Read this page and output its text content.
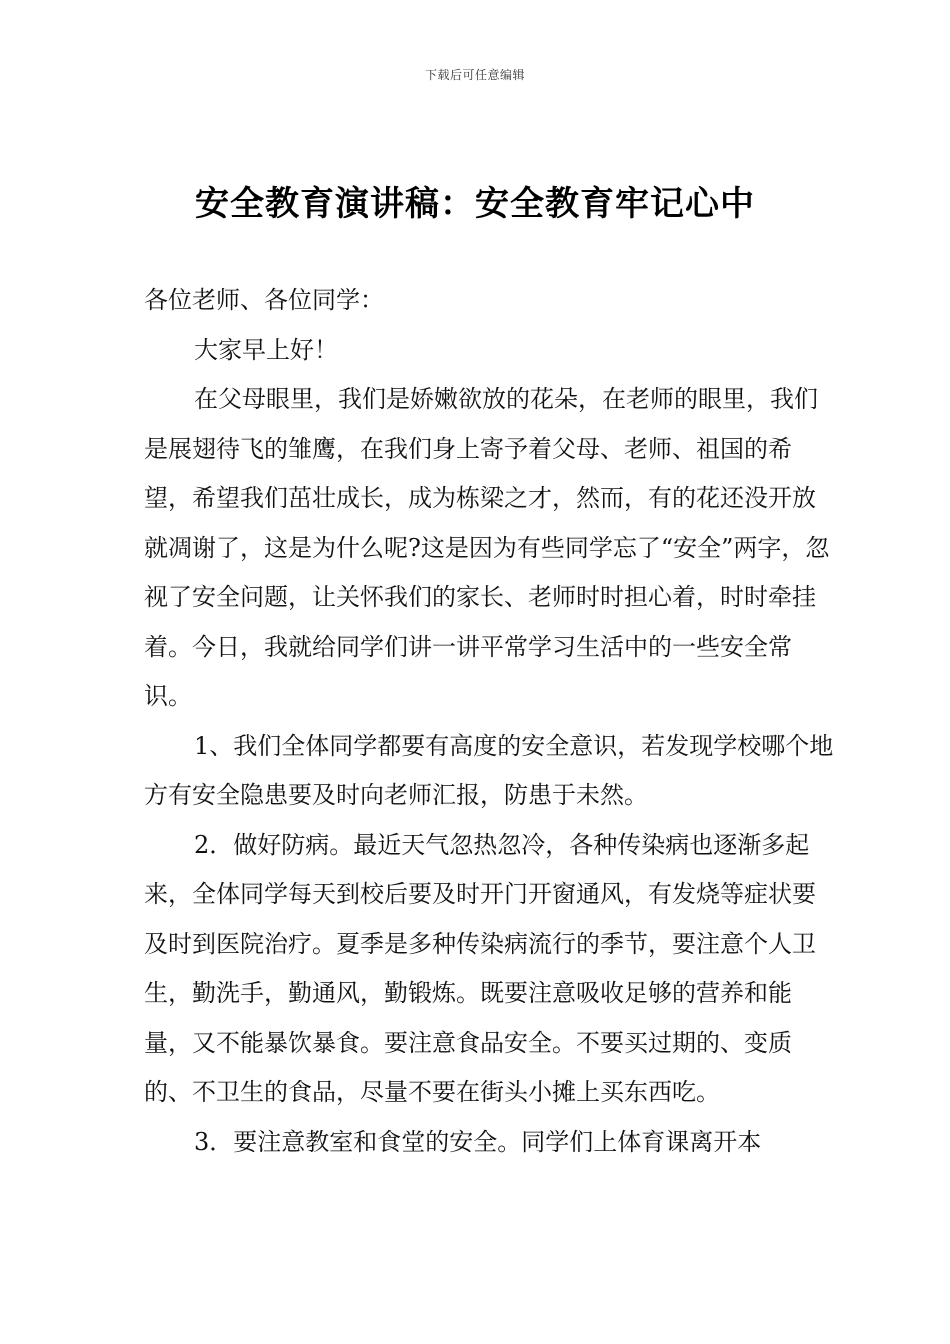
下载后可任意编辑
安全教育演讲稿：安全教育牢记心中

各位老师、各位同学：

大家早上好！

在父母眼里，我们是娇嫩欲放的花朵，在老师的眼里，我们是展翅待飞的雏鹰，在我们身上寄予着父母、老师、祖国的希望，希望我们茁壮成长，成为栋梁之才，然而，有的花还没开放就凋谢了，这是为什么呢?这是因为有些同学忘了“安全”两字，忽视了安全问题，让关怀我们的家长、老师时时担心着，时时牵挂着。今日，我就给同学们讲一讲平常学习生活中的一些安全常识。

1、我们全体同学都要有高度的安全意识，若发现学校哪个地方有安全隐患要及时向老师汇报，防患于未然。

2．做好防病。最近天气忽热忽冷，各种传染病也逐渐多起来，全体同学每天到校后要及时开门开窗通风，有发烧等症状要及时到医院治疗。夏季是多种传染病流行的季节，要注意个人卫生，勤洗手，勤通风，勤锻炼。既要注意吸收足够的营养和能量，又不能暴饮暴食。要注意食品安全。不要买过期的、变质的、不卫生的食品，尽量不要在街头小摊上买东西吃。

3．要注意教室和食堂的安全。同学们上体育课离开本
